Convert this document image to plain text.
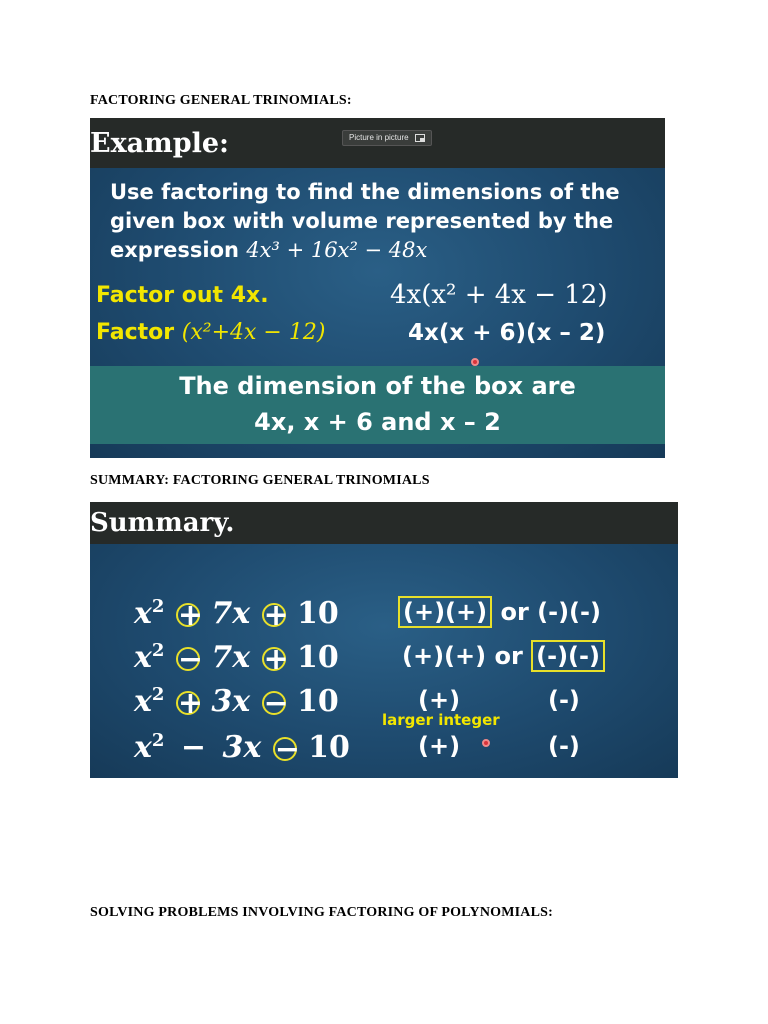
FACTORING GENERAL TRINOMIALS:
Example:	Picture in picture
Use factoring to find the dimensions of the
given box with volume represented by the
expression 4x³ + 16x² − 48x
Factor out 4x.	4x(x² + 4x − 12)
Factor (x²+4x − 12)	4x(x + 6)(x – 2)
The dimension of the box are
4x, x + 6 and x – 2
SUMMARY: FACTORING GENERAL TRINOMIALS
Summary.
$x^2 + 7x + 10$	(+)(+) or (-)(-)
$x^2 - 7x + 10$	(+)(+) or (-)(-)
$x^2 + 3x - 10$	(+)	(-)
larger integer
$x^2 - 3x - 10$	(+)	(-)
SOLVING PROBLEMS INVOLVING FACTORING OF POLYNOMIALS:
